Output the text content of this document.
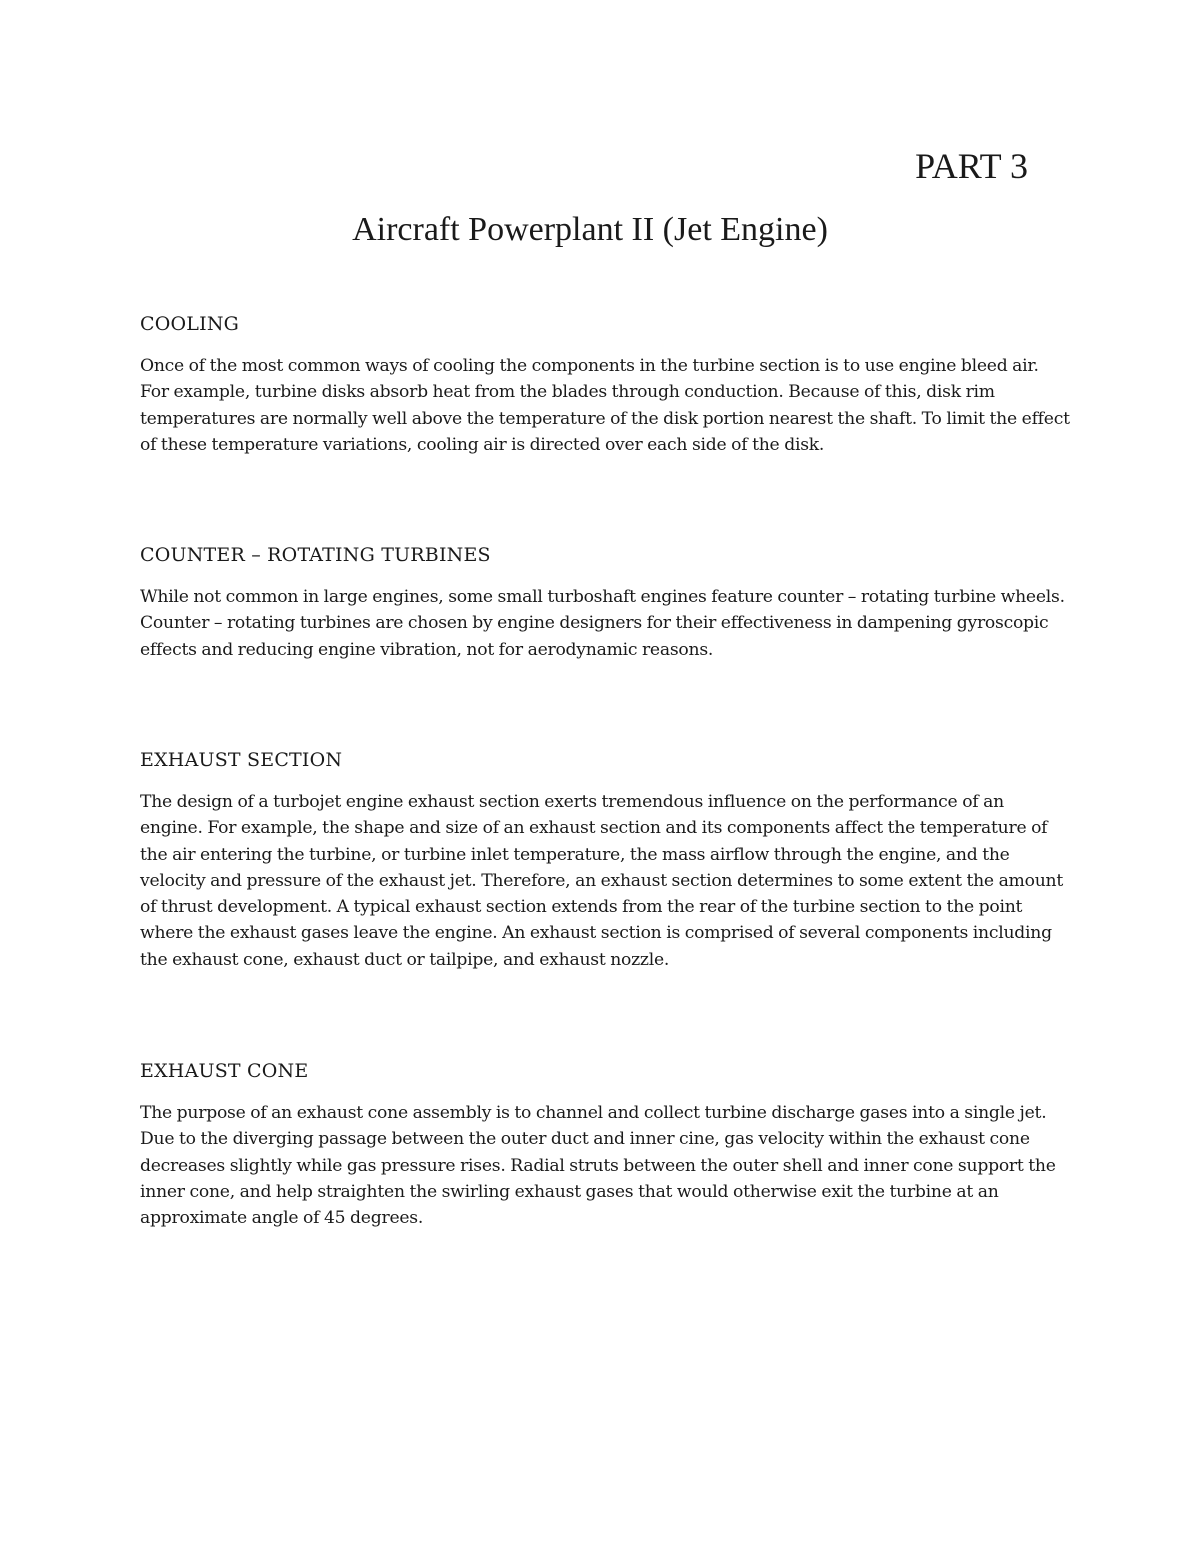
PART 3
Aircraft Powerplant II (Jet Engine)
COOLING

Once of the most common ways of cooling the components in the turbine section is to use engine bleed air. For example, turbine disks absorb heat from the blades through conduction. Because of this, disk rim temperatures are normally well above the temperature of the disk portion nearest the shaft. To limit the effect of these temperature variations, cooling air is directed over each side of the disk.

COUNTER – ROTATING TURBINES

While not common in large engines, some small turboshaft engines feature counter – rotating turbine wheels. Counter – rotating turbines are chosen by engine designers for their effectiveness in dampening gyroscopic effects and reducing engine vibration, not for aerodynamic reasons.

EXHAUST SECTION

The design of a turbojet engine exhaust section exerts tremendous influence on the performance of an engine. For example, the shape and size of an exhaust section and its components affect the temperature of the air entering the turbine, or turbine inlet temperature, the mass airflow through the engine, and the velocity and pressure of the exhaust jet. Therefore, an exhaust section determines to some extent the amount of thrust development. A typical exhaust section extends from the rear of the turbine section to the point where the exhaust gases leave the engine. An exhaust section is comprised of several components including the exhaust cone, exhaust duct or tailpipe, and exhaust nozzle.

EXHAUST CONE

The purpose of an exhaust cone assembly is to channel and collect turbine discharge gases into a single jet. Due to the diverging passage between the outer duct and inner cine, gas velocity within the exhaust cone decreases slightly while gas pressure rises. Radial struts between the outer shell and inner cone support the inner cone, and help straighten the swirling exhaust gases that would otherwise exit the turbine at an approximate angle of 45 degrees.
